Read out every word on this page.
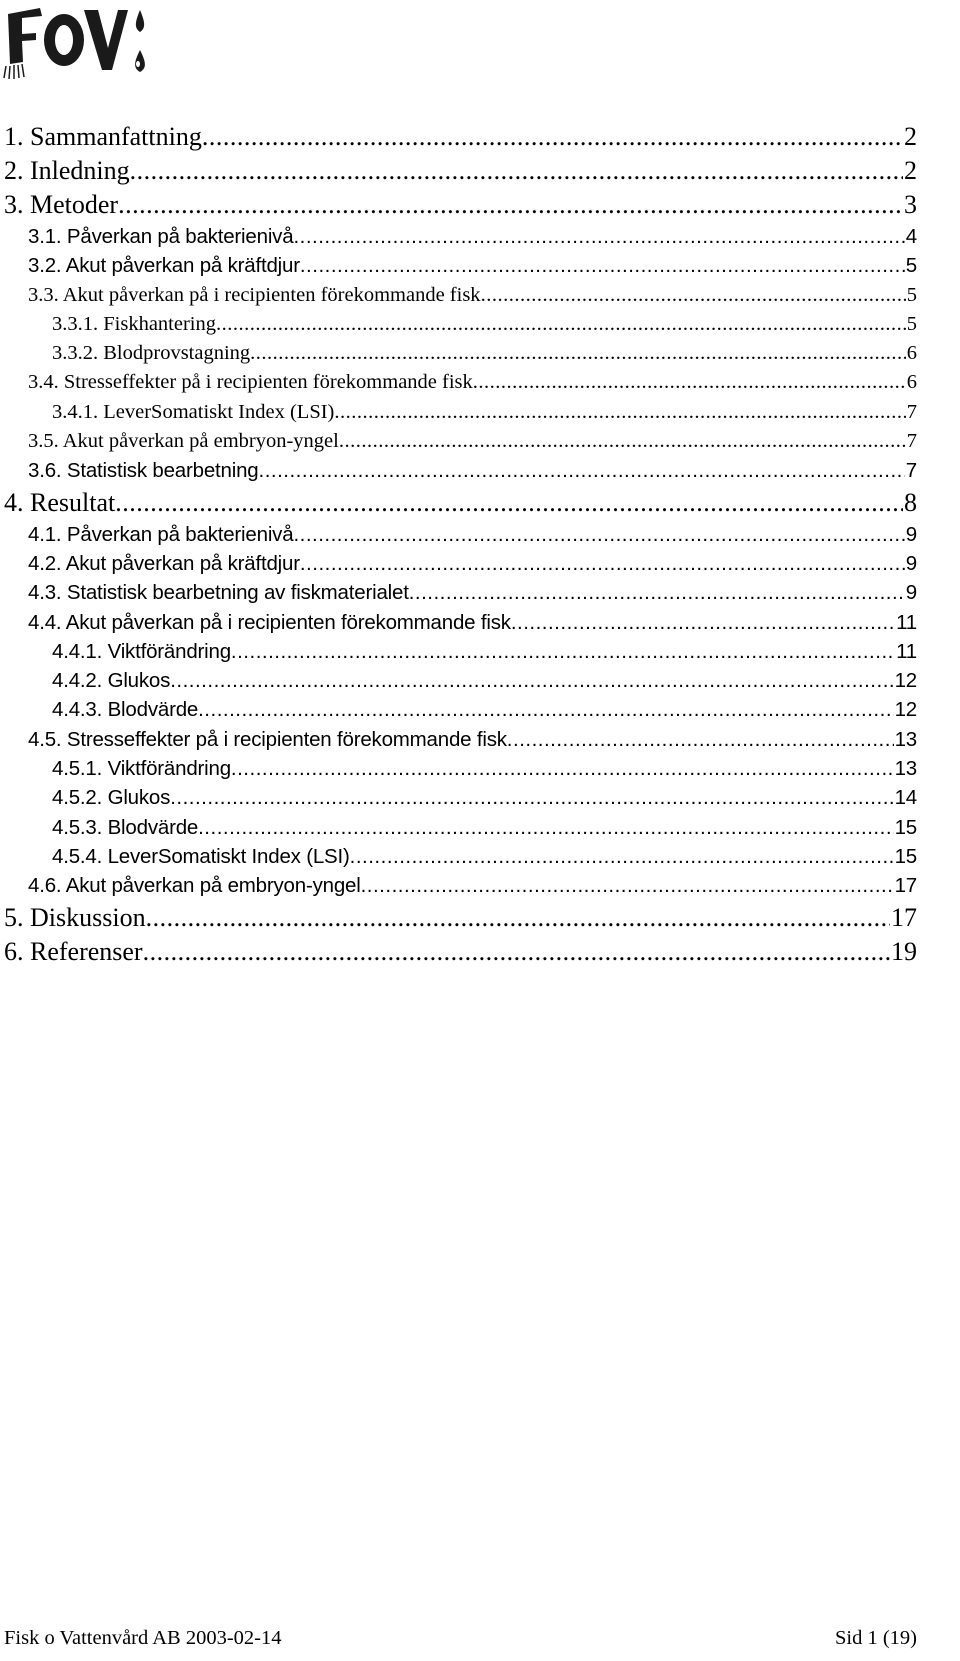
1. Sammanfattning .....	2
2. Inledning .....	2
3. Metoder .....	3
3.1. Påverkan på bakterienivå .....	4
3.2. Akut påverkan på kräftdjur .....	5
3.3. Akut påverkan på i recipienten förekommande fisk .....	5
3.3.1. Fiskhantering .....	5
3.3.2. Blodprovstagning .....	6
3.4. Stresseffekter på i recipienten förekommande fisk .....	6
3.4.1. LeverSomatiskt Index (LSI) .....	7
3.5. Akut påverkan på embryon-yngel .....	7
3.6. Statistisk bearbetning .....	7
4. Resultat .....	8
4.1. Påverkan på bakterienivå .....	9
4.2. Akut påverkan på kräftdjur .....	9
4.3. Statistisk bearbetning av fiskmaterialet .....	9
4.4. Akut påverkan på i recipienten förekommande fisk .....	11
4.4.1. Viktförändring .....	11
4.4.2. Glukos .....	12
4.4.3. Blodvärde .....	12
4.5. Stresseffekter på i recipienten förekommande fisk .....	13
4.5.1. Viktförändring .....	13
4.5.2. Glukos .....	14
4.5.3. Blodvärde .....	15
4.5.4. LeverSomatiskt Index (LSI) .....	15
4.6. Akut påverkan på embryon-yngel .....	17
5. Diskussion .....	17
6. Referenser .....	19
Fisk o Vattenvård AB 2003-02-14	Sid 1 (19)
